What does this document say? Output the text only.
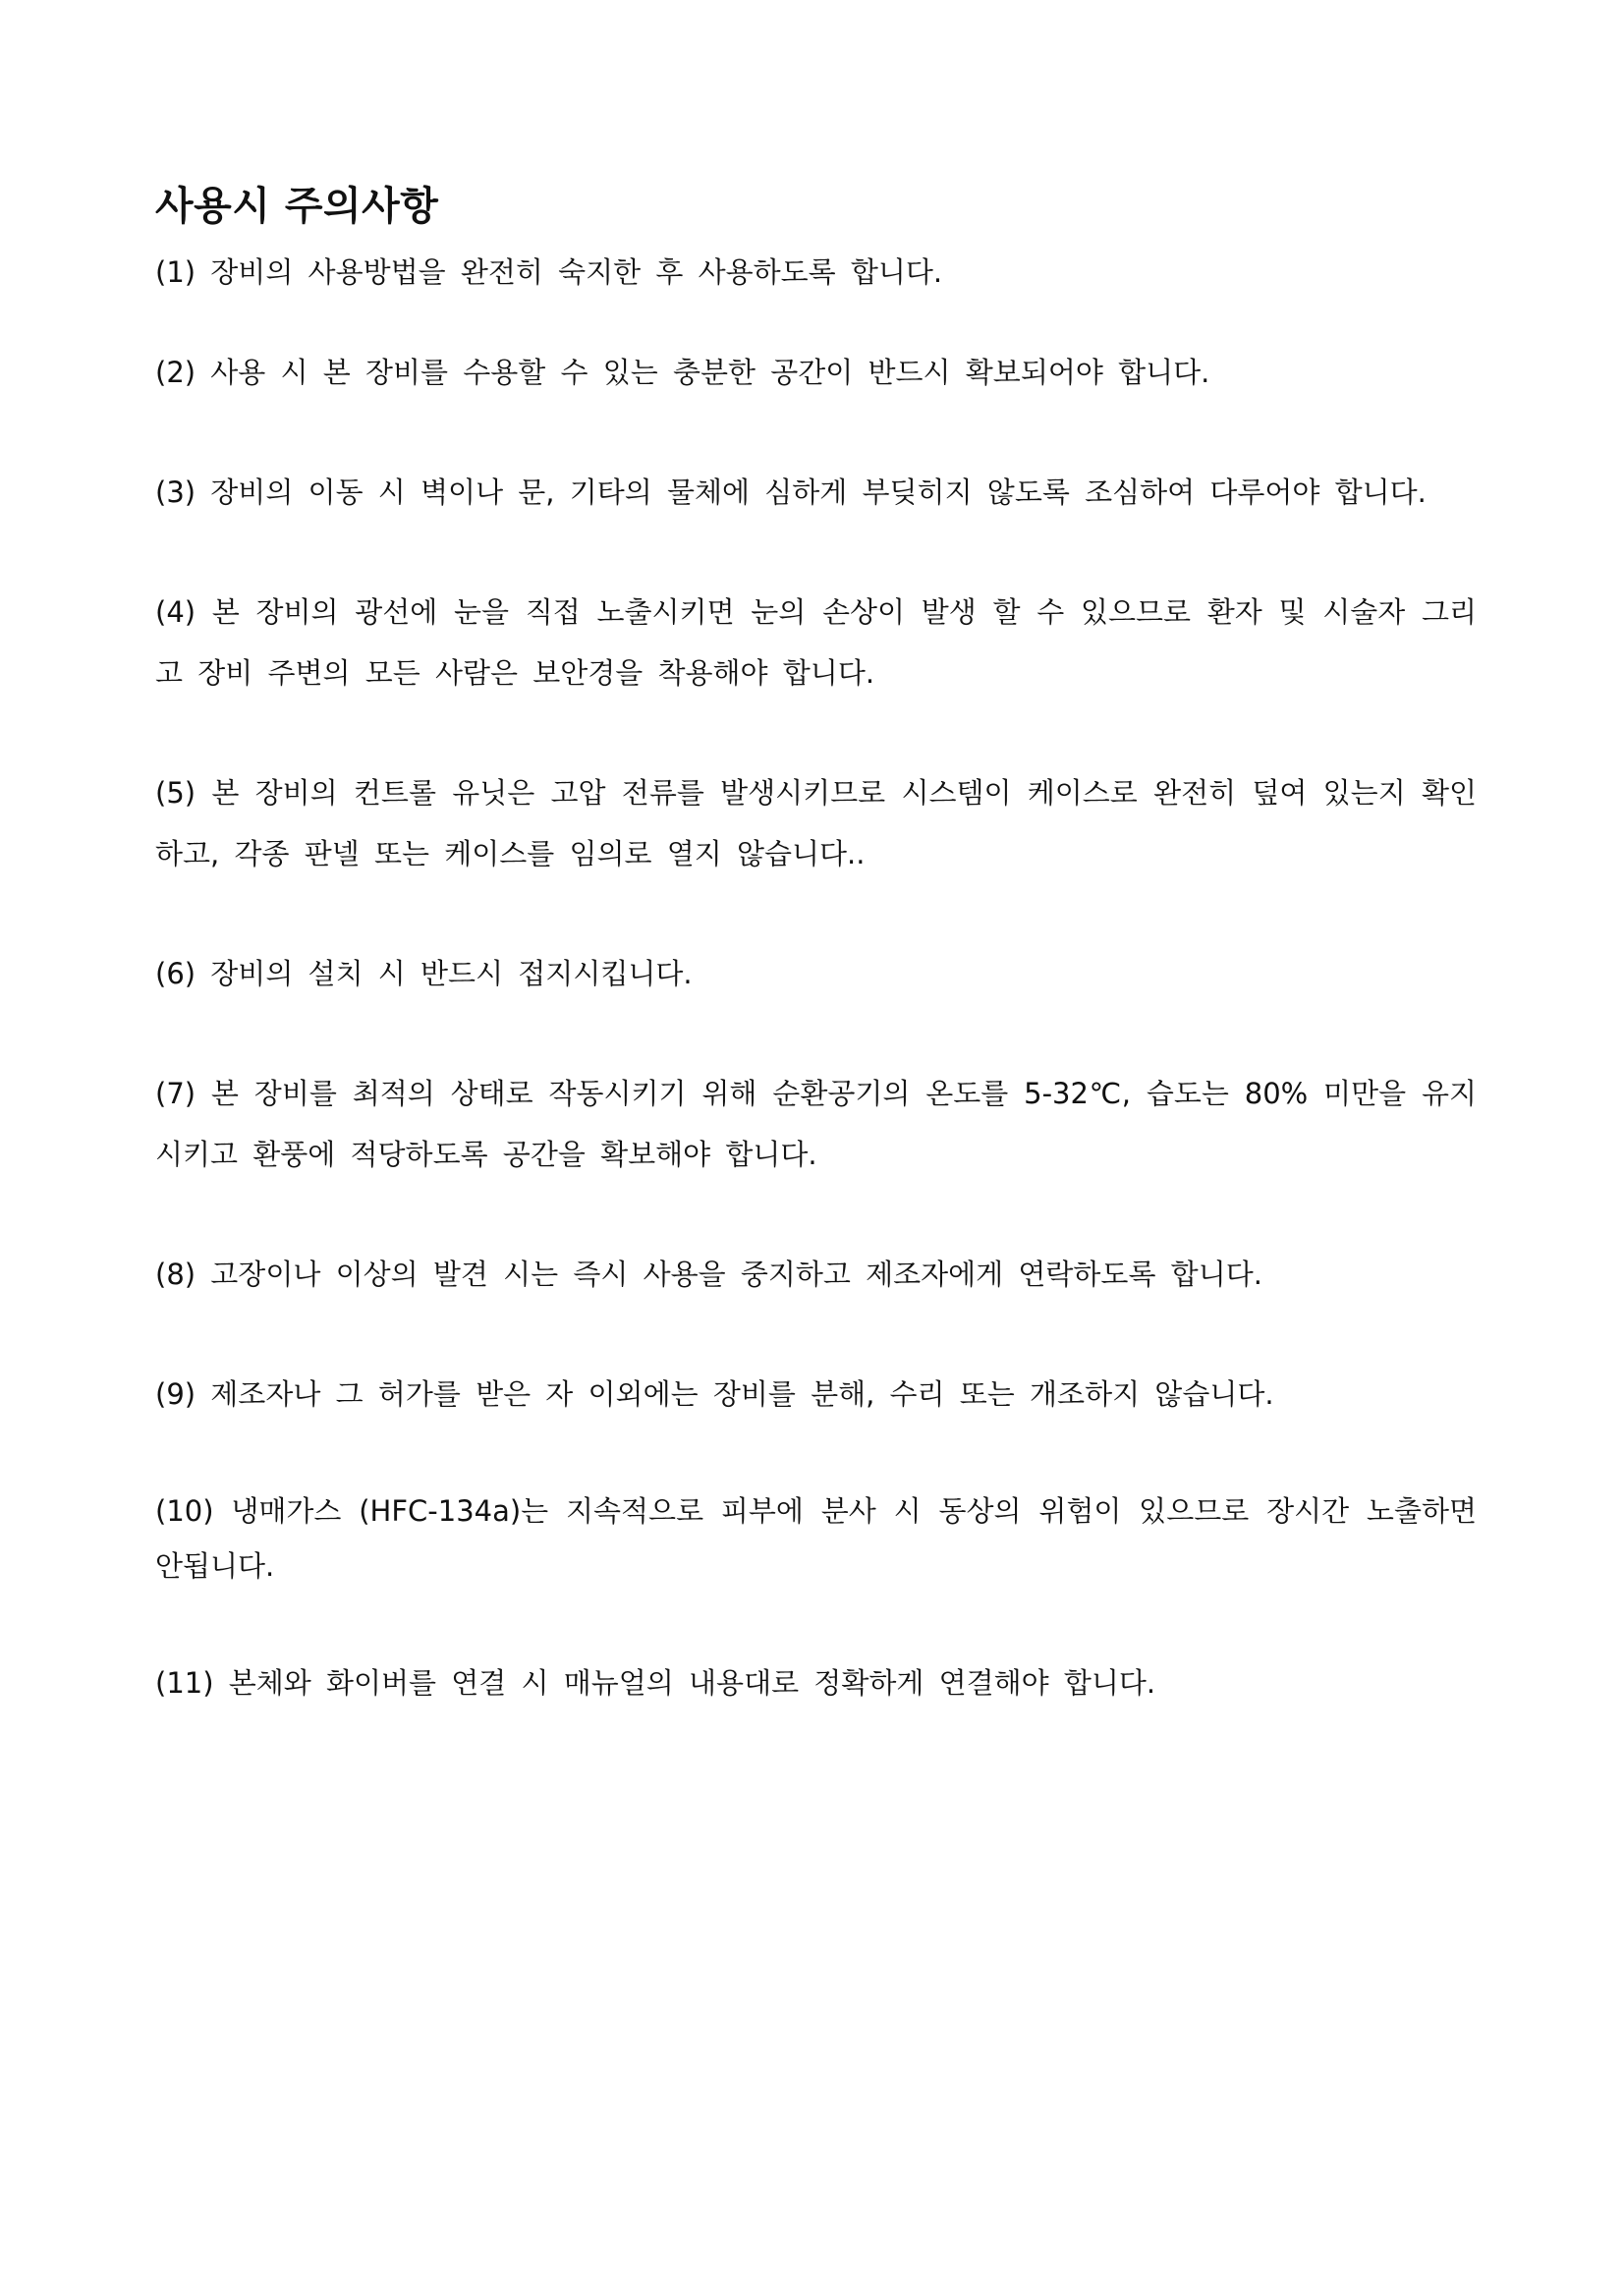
사용시 주의사항

(1) 장비의 사용방법을 완전히 숙지한 후 사용하도록 합니다.

(2) 사용 시 본 장비를 수용할 수 있는 충분한 공간이 반드시 확보되어야 합니다.

(3) 장비의 이동 시 벽이나 문, 기타의 물체에 심하게 부딪히지 않도록 조심하여 다루어야 합니다.

(4) 본 장비의 광선에 눈을 직접 노출시키면 눈의 손상이 발생 할 수 있으므로 환자 및 시술자 그리고 장비 주변의 모든 사람은 보안경을 착용해야 합니다.

(5) 본 장비의 컨트롤 유닛은 고압 전류를 발생시키므로 시스템이 케이스로 완전히 덮여 있는지 확인하고, 각종 판넬 또는 케이스를 임의로 열지 않습니다..

(6) 장비의 설치 시 반드시 접지시킵니다.

(7) 본 장비를 최적의 상태로 작동시키기 위해 순환공기의 온도를 5-32℃, 습도는 80% 미만을 유지시키고 환풍에 적당하도록 공간을 확보해야 합니다.

(8) 고장이나 이상의 발견 시는 즉시 사용을 중지하고 제조자에게 연락하도록 합니다.

(9) 제조자나 그 허가를 받은 자 이외에는 장비를 분해, 수리 또는 개조하지 않습니다.

(10) 냉매가스 (HFC-134a)는 지속적으로 피부에 분사 시 동상의 위험이 있으므로 장시간 노출하면 안됩니다.

(11) 본체와 화이버를 연결 시 매뉴얼의 내용대로 정확하게 연결해야 합니다.
